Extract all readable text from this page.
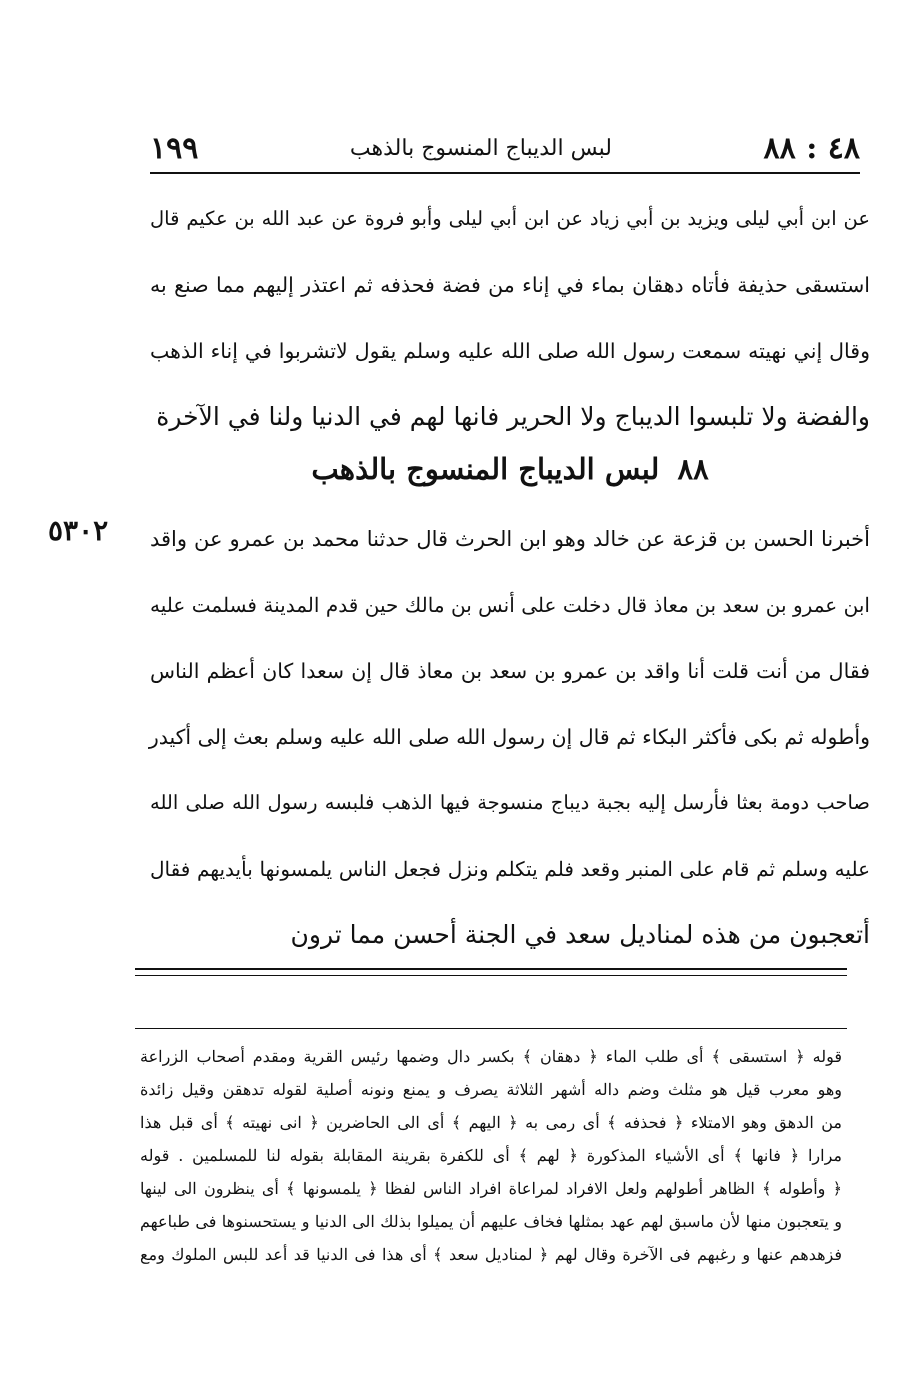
١٩٩	لبس الديباج المنسوج بالذهب	٤٨ : ٨٨
عن ابن أبي ليلى ويزيد بن أبي زياد عن ابن أبي ليلى وأبو فروة عن عبد الله بن عكيم قال
استسقى حذيفة فأتاه دهقان بماء في إناء من فضة فحذفه ثم اعتذر إليهم مما صنع به
وقال إني نهيته سمعت رسول الله صلى الله عليه وسلم يقول لاتشربوا في إناء الذهب
والفضة ولا تلبسوا الديباج ولا الحرير فانها لهم في الدنيا ولنا في الآخرة
٨٨ لبس الديباج المنسوج بالذهب
٥٣٠٢ أخبرنا الحسن بن قزعة عن خالد وهو ابن الحرث قال حدثنا محمد بن عمرو عن واقد
ابن عمرو بن سعد بن معاذ قال دخلت على أنس بن مالك حين قدم المدينة فسلمت عليه
فقال من أنت قلت أنا واقد بن عمرو بن سعد بن معاذ قال إن سعدا كان أعظم الناس
وأطوله ثم بكى فأكثر البكاء ثم قال إن رسول الله صلى الله عليه وسلم بعث إلى أكيدر
صاحب دومة بعثا فأرسل إليه بجبة ديباج منسوجة فيها الذهب فلبسه رسول الله صلى الله
عليه وسلم ثم قام على المنبر وقعد فلم يتكلم ونزل فجعل الناس يلمسونها بأيديهم فقال
أتعجبون من هذه لمناديل سعد في الجنة أحسن مما ترون
قوله ﴿ استسقى ﴾ أى طلب الماء ﴿ دهقان ﴾ بكسر دال وضمها رئيس القرية ومقدم أصحاب الزراعة
وهو معرب قيل هو مثلث وضم داله أشهر الثلاثة يصرف و يمنع ونونه أصلية لقوله تدهقن وقيل زائدة
من الدهق وهو الامتلاء ﴿ فحذفه ﴾ أى رمى به ﴿ اليهم ﴾ أى الى الحاضرين ﴿ انى نهيته ﴾ أى قبل هذا
مرارا ﴿ فانها ﴾ أى الأشياء المذكورة ﴿ لهم ﴾ أى للكفرة بقرينة المقابلة بقوله لنا للمسلمين . قوله
﴿ وأطوله ﴾ الظاهر أطولهم ولعل الافراد لمراعاة افراد الناس لفظا ﴿ يلمسونها ﴾ أى ينظرون الى لينها
و يتعجبون منها لأن ماسبق لهم عهد بمثلها فخاف عليهم أن يميلوا بذلك الى الدنيا و يستحسنوها فى طباعهم
فزهدهم عنها و رغبهم فى الآخرة وقال لهم ﴿ لمناديل سعد ﴾ أى هذا فى الدنيا قد أعد للبس الملوك ومع
